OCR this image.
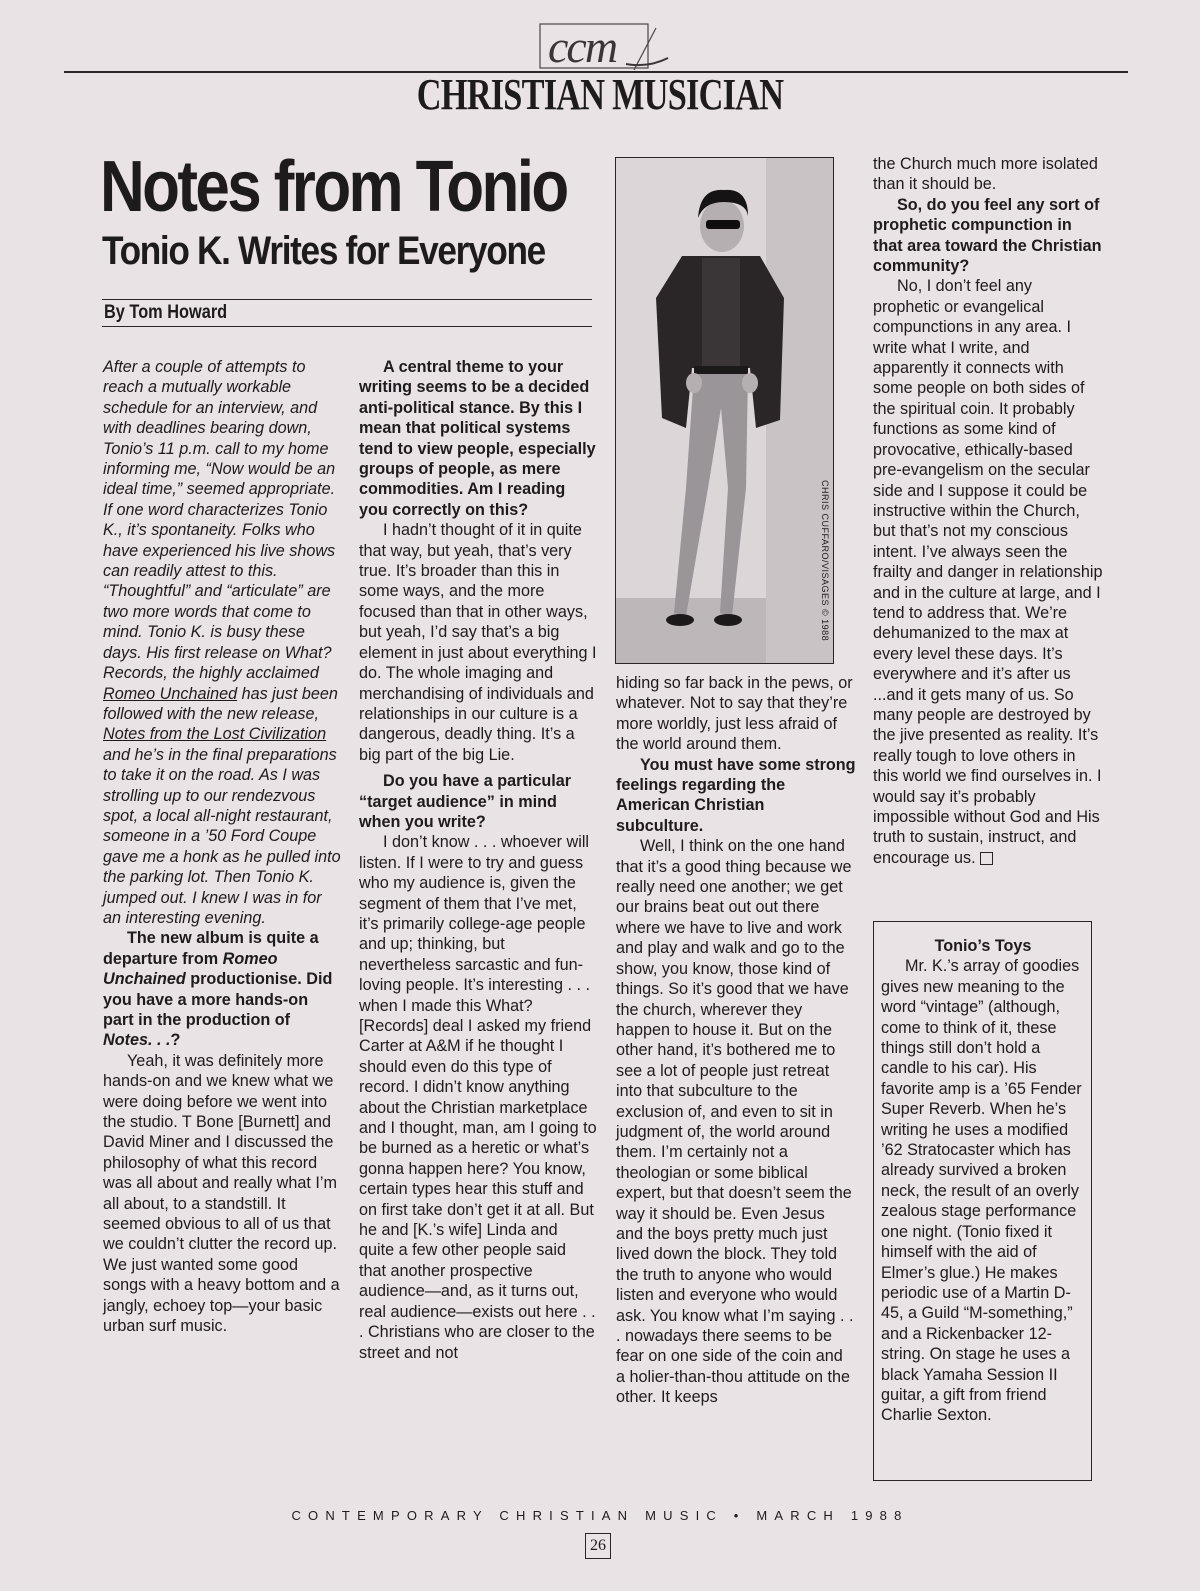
ccm
CHRISTIAN MUSICIAN
Notes from Tonio
Tonio K. Writes for Everyone
By Tom Howard

After a couple of attempts to reach a mutually workable schedule for an interview, and with deadlines bearing down, Tonio’s 11 p.m. call to my home informing me, “Now would be an ideal time,” seemed appropriate. If one word characterizes Tonio K., it’s spontaneity. Folks who have experienced his live shows can readily attest to this. “Thoughtful” and “articulate” are two more words that come to mind. Tonio K. is busy these days. His first release on What? Records, the highly acclaimed Romeo Unchained has just been followed with the new release, Notes from the Lost Civilization and he’s in the final preparations to take it on the road. As I was strolling up to our rendezvous spot, a local all-night restaurant, someone in a ’50 Ford Coupe gave me a honk as he pulled into the parking lot. Then Tonio K. jumped out. I knew I was in for an interesting evening.

The new album is quite a departure from Romeo Unchained productionise. Did you have a more hands-on part in the production of Notes. . .?

Yeah, it was definitely more hands-on and we knew what we were doing before we went into the studio. T Bone [Burnett] and David Miner and I discussed the philosophy of what this record was all about and really what I’m all about, to a standstill. It seemed obvious to all of us that we couldn’t clutter the record up. We just wanted some good songs with a heavy bottom and a jangly, echoey top—your basic urban surf music.

A central theme to your writing seems to be a decided anti-political stance. By this I mean that political systems tend to view people, especially groups of people, as mere commodities. Am I reading you correctly on this?

I hadn’t thought of it in quite that way, but yeah, that’s very true. It’s broader than this in some ways, and the more focused than that in other ways, but yeah, I’d say that’s a big element in just about everything I do. The whole imaging and merchandising of individuals and relationships in our culture is a dangerous, deadly thing. It’s a big part of the big Lie.

Do you have a particular “target audience” in mind when you write?

I don’t know . . . whoever will listen. If I were to try and guess who my audience is, given the segment of them that I’ve met, it’s primarily college-age people and up; thinking, but nevertheless sarcastic and fun-loving people. It’s interesting . . . when I made this What? [Records] deal I asked my friend Carter at A&M if he thought I should even do this type of record. I didn’t know anything about the Christian marketplace and I thought, man, am I going to be burned as a heretic or what’s gonna happen here? You know, certain types hear this stuff and on first take don’t get it at all. But he and [K.’s wife] Linda and quite a few other people said that another prospective audience—and, as it turns out, real audience—exists out here . . . Christians who are closer to the street and not

CHRIS CUFFARO/VISAGES © 1988

hiding so far back in the pews, or whatever. Not to say that they’re more worldly, just less afraid of the world around them.

You must have some strong feelings regarding the American Christian subculture.

Well, I think on the one hand that it’s a good thing because we really need one another; we get our brains beat out out there where we have to live and work and play and walk and go to the show, you know, those kind of things. So it’s good that we have the church, wherever they happen to house it. But on the other hand, it’s bothered me to see a lot of people just retreat into that subculture to the exclusion of, and even to sit in judgment of, the world around them. I’m certainly not a theologian or some biblical expert, but that doesn’t seem the way it should be. Even Jesus and the boys pretty much just lived down the block. They told the truth to anyone who would listen and everyone who would ask. You know what I’m saying . . . nowadays there seems to be fear on one side of the coin and a holier-than-thou attitude on the other. It keeps

the Church much more isolated than it should be.

So, do you feel any sort of prophetic compunction in that area toward the Christian community?

No, I don’t feel any prophetic or evangelical compunctions in any area. I write what I write, and apparently it connects with some people on both sides of the spiritual coin. It probably functions as some kind of provocative, ethically-based pre-evangelism on the secular side and I suppose it could be instructive within the Church, but that’s not my conscious intent. I’ve always seen the frailty and danger in relationship and in the culture at large, and I tend to address that. We’re dehumanized to the max at every level these days. It’s everywhere and it’s after us ...and it gets many of us. So many people are destroyed by the jive presented as reality. It’s really tough to love others in this world we find ourselves in. I would say it’s probably impossible without God and His truth to sustain, instruct, and encourage us.

Tonio’s Toys

Mr. K.’s array of goodies gives new meaning to the word “vintage” (although, come to think of it, these things still don’t hold a candle to his car). His favorite amp is a ’65 Fender Super Reverb. When he’s writing he uses a modified ’62 Stratocaster which has already survived a broken neck, the result of an overly zealous stage performance one night. (Tonio fixed it himself with the aid of Elmer’s glue.) He makes periodic use of a Martin D-45, a Guild “M-something,” and a Rickenbacker 12-string. On stage he uses a black Yamaha Session II guitar, a gift from friend Charlie Sexton.

CONTEMPORARY CHRISTIAN MUSIC • MARCH 1988
26
